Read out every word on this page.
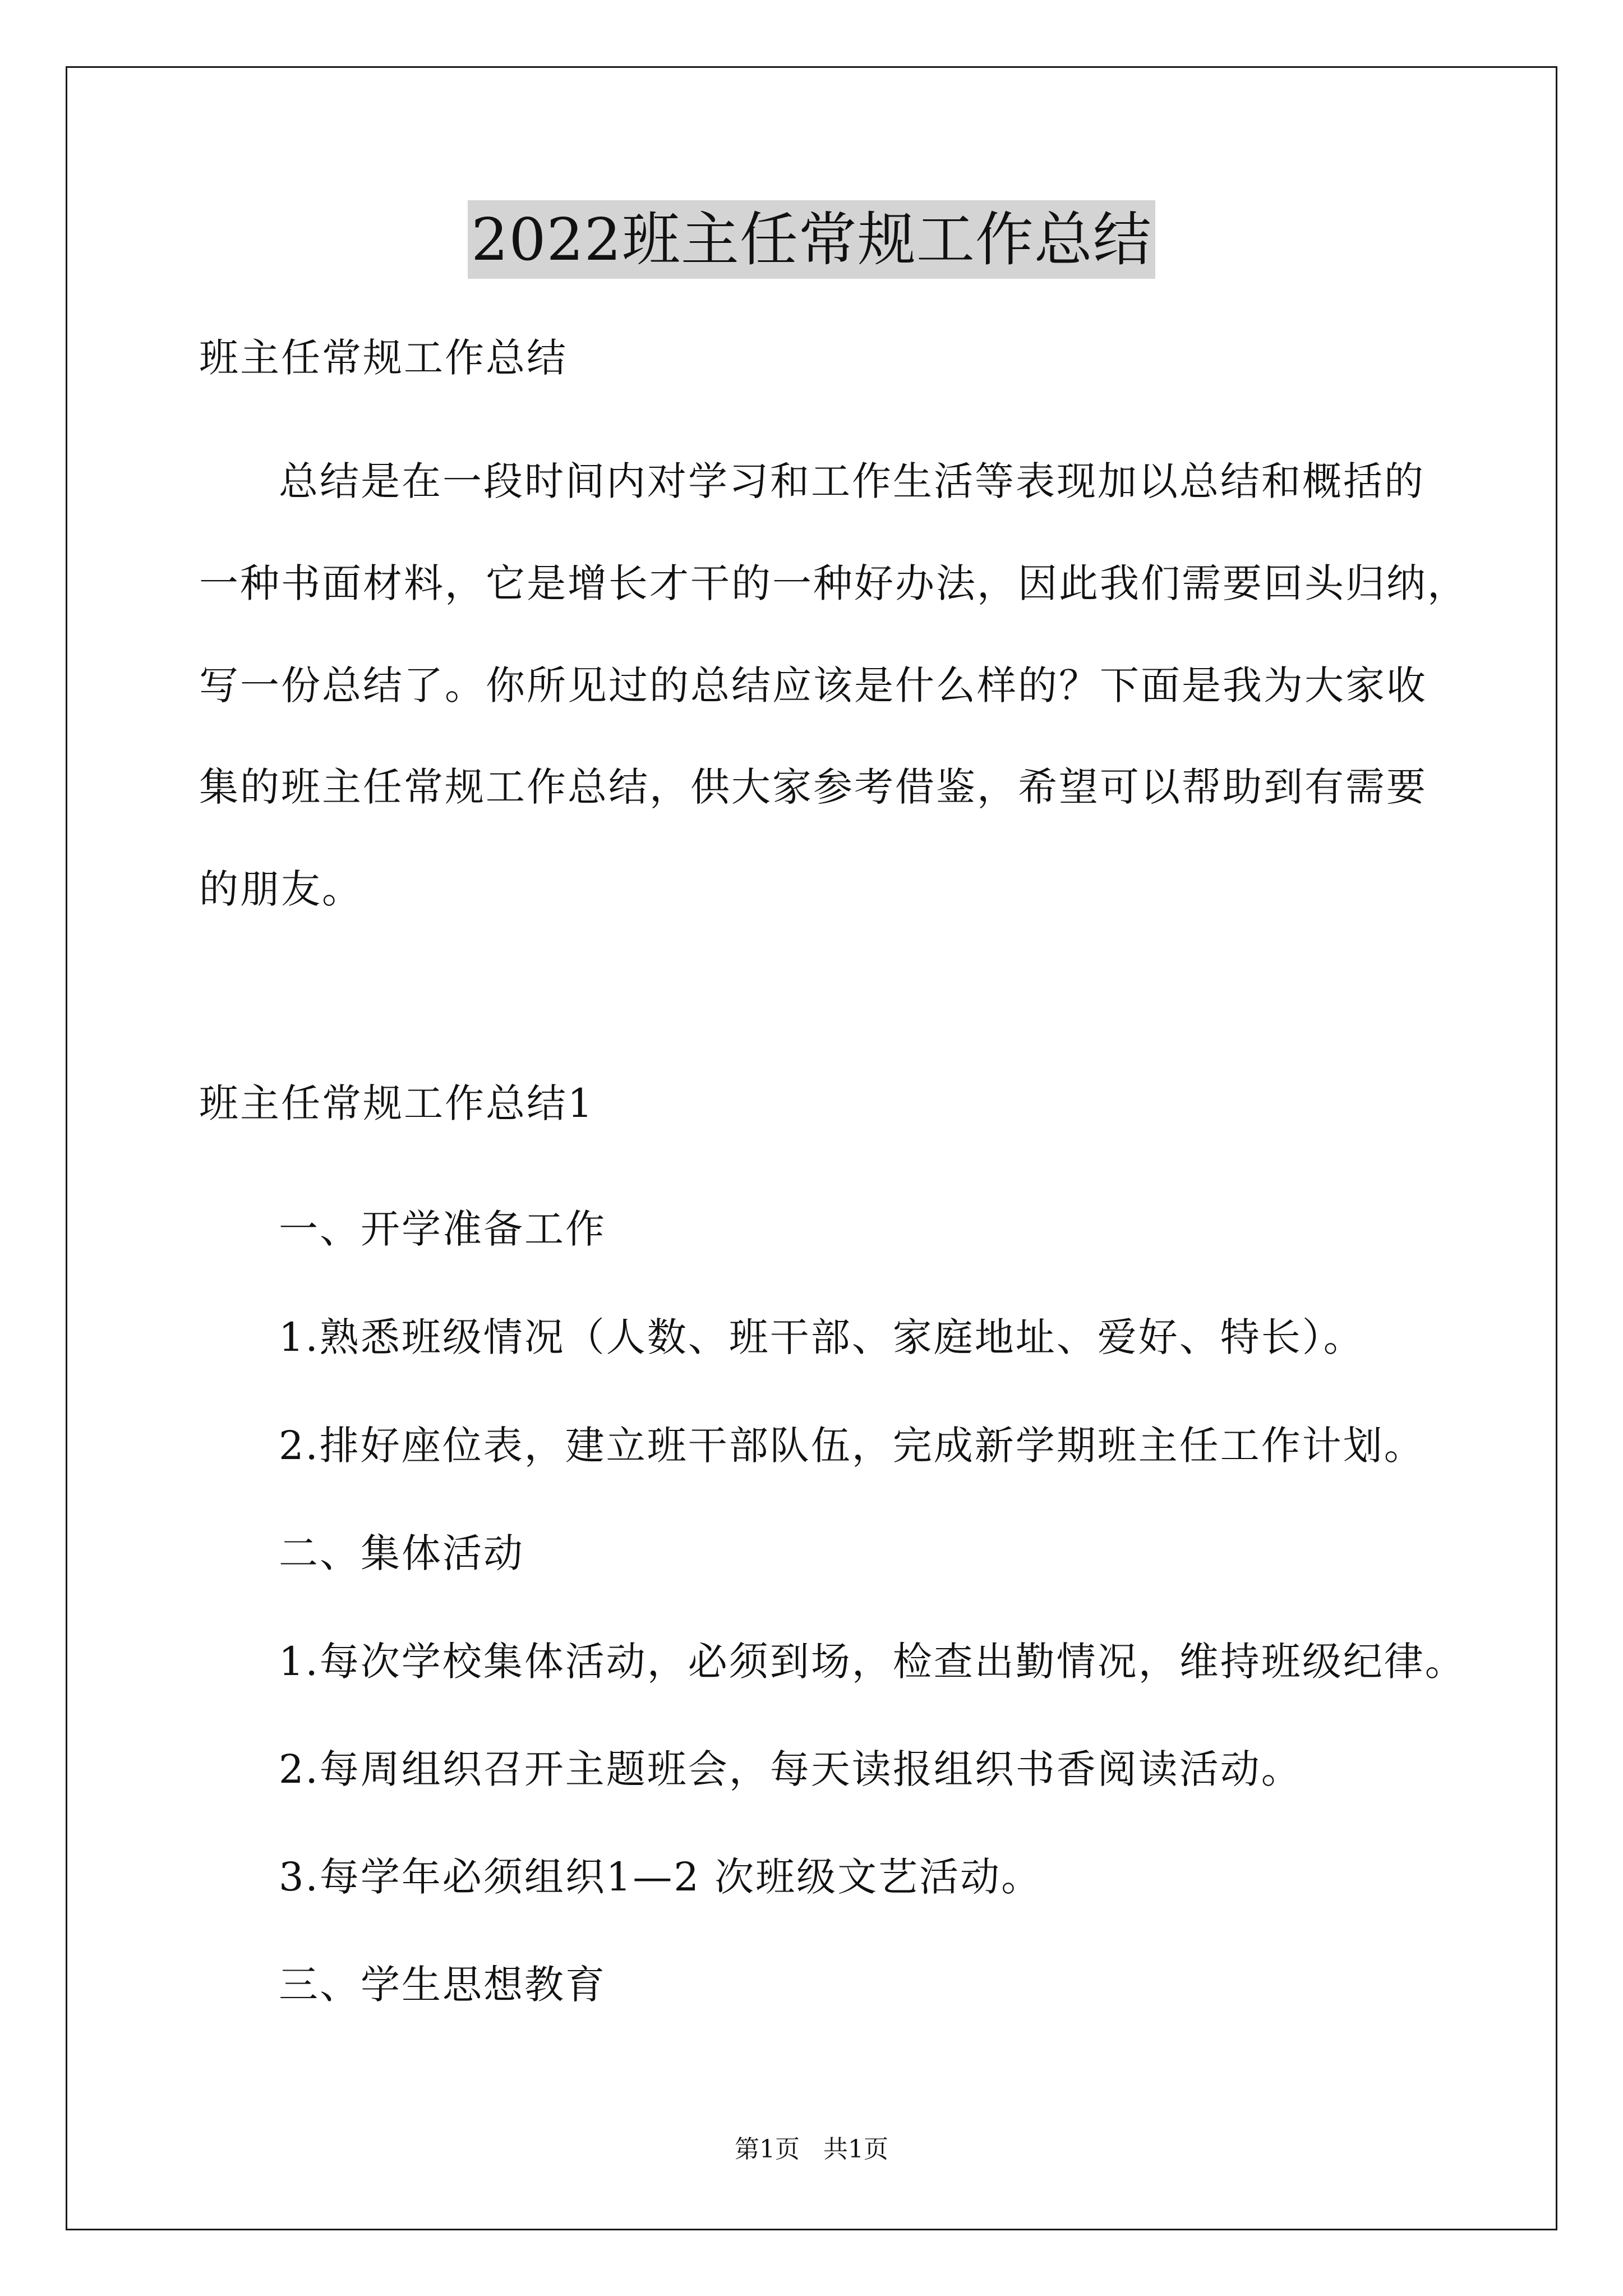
2022班主任常规工作总结
班主任常规工作总结
总结是在一段时间内对学习和工作生活等表现加以总结和概括的
一种书面材料，它是增长才干的一种好办法，因此我们需要回头归纳，
写一份总结了。你所见过的总结应该是什么样的？下面是我为大家收
集的班主任常规工作总结，供大家参考借鉴，希望可以帮助到有需要
的朋友。
班主任常规工作总结1
一、开学准备工作
1.熟悉班级情况（人数、班干部、家庭地址、爱好、特长）。
2.排好座位表，建立班干部队伍，完成新学期班主任工作计划。
二、集体活动
1.每次学校集体活动，必须到场，检查出勤情况，维持班级纪律。
2.每周组织召开主题班会，每天读报组织书香阅读活动。
3.每学年必须组织1—2 次班级文艺活动。
三、学生思想教育
第1页   共1页
